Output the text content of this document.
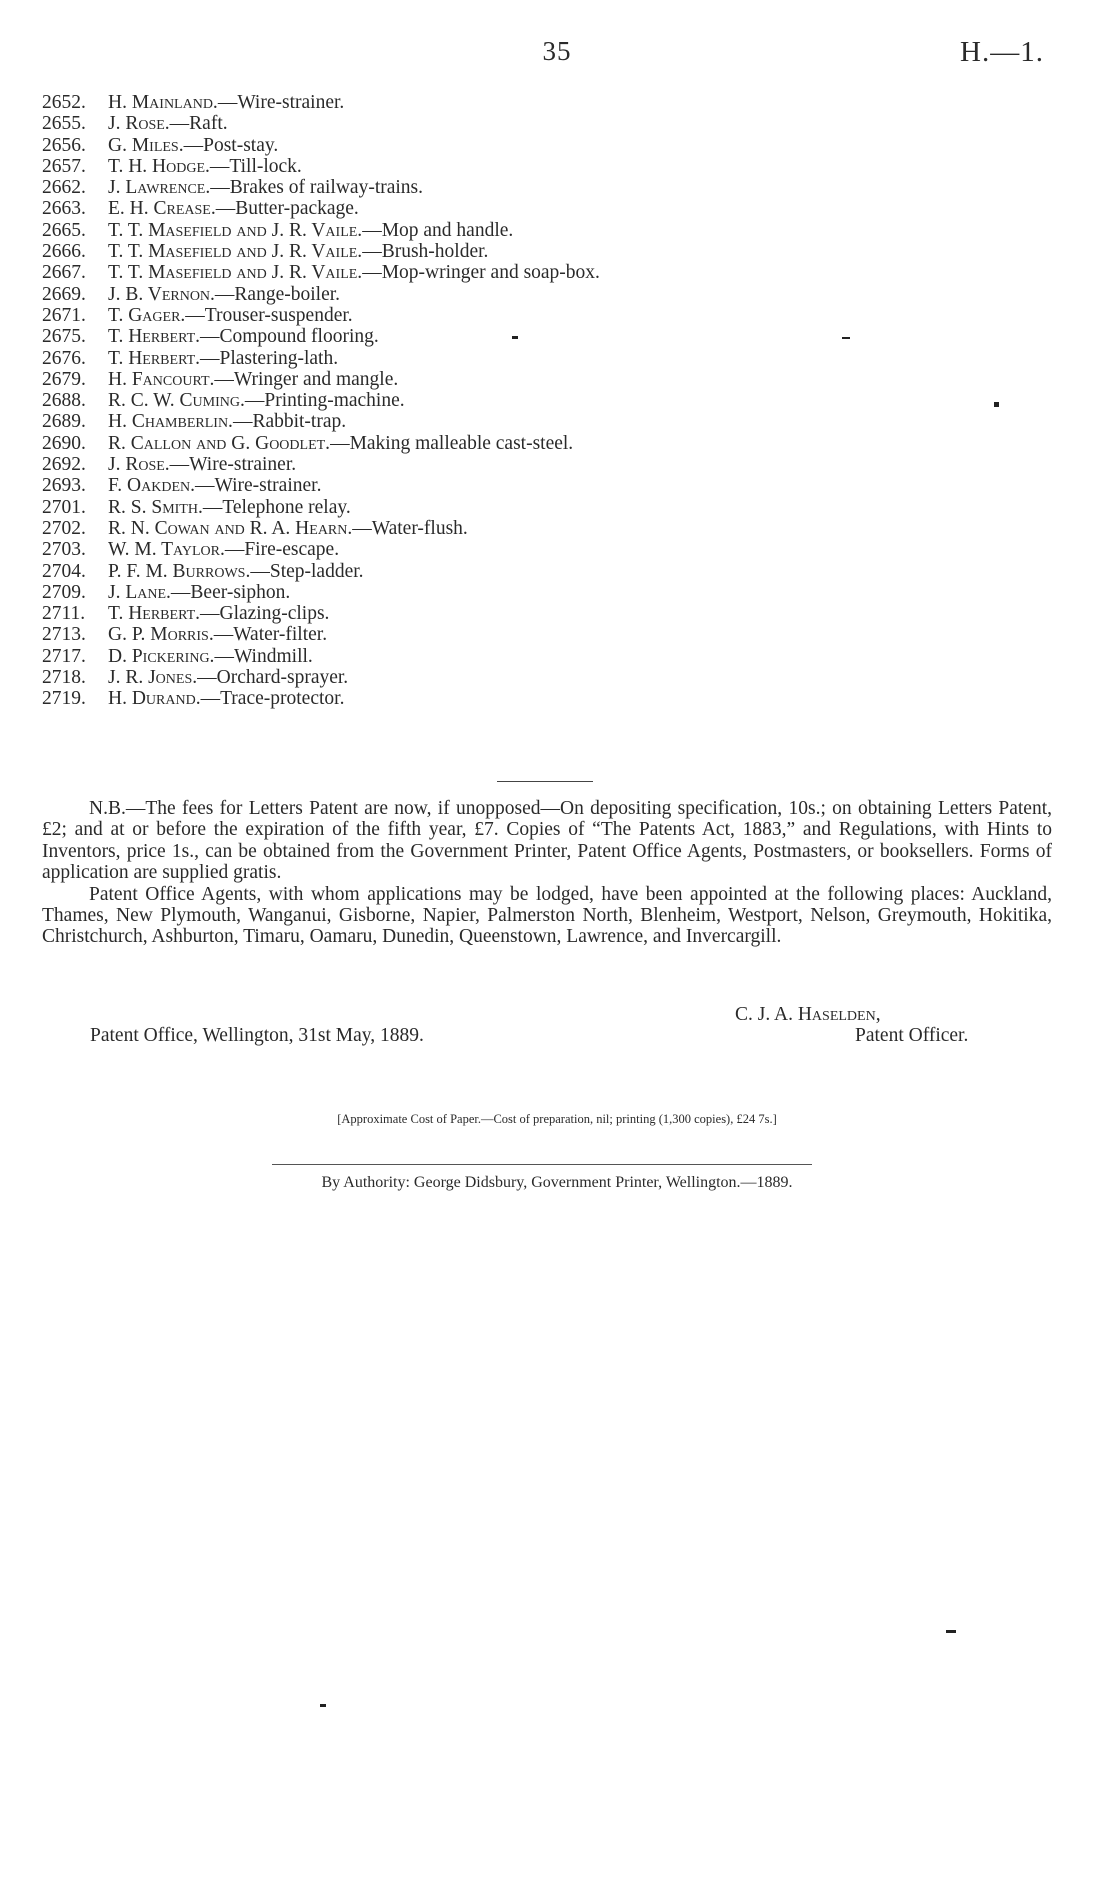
35	H.—1.
2652. H. Mainland.—Wire-strainer.
2655. J. Rose.—Raft.
2656. G. Miles.—Post-stay.
2657. T. H. Hodge.—Till-lock.
2662. J. Lawrence.—Brakes of railway-trains.
2663. E. H. Crease.—Butter-package.
2665. T. T. Masefield and J. R. Vaile.—Mop and handle.
2666. T. T. Masefield and J. R. Vaile.—Brush-holder.
2667. T. T. Masefield and J. R. Vaile.—Mop-wringer and soap-box.
2669. J. B. Vernon.—Range-boiler.
2671. T. Gager.—Trouser-suspender.
2675. T. Herbert.—Compound flooring.
2676. T. Herbert.—Plastering-lath.
2679. H. Fancourt.—Wringer and mangle.
2688. R. C. W. Cuming.—Printing-machine.
2689. H. Chamberlin.—Rabbit-trap.
2690. R. Callon and G. Goodlet.—Making malleable cast-steel.
2692. J. Rose.—Wire-strainer.
2693. F. Oakden.—Wire-strainer.
2701. R. S. Smith.—Telephone relay.
2702. R. N. Cowan and R. A. Hearn.—Water-flush.
2703. W. M. Taylor.—Fire-escape.
2704. P. F. M. Burrows.—Step-ladder.
2709. J. Lane.—Beer-siphon.
2711. T. Herbert.—Glazing-clips.
2713. G. P. Morris.—Water-filter.
2717. D. Pickering.—Windmill.
2718. J. R. Jones.—Orchard-sprayer.
2719. H. Durand.—Trace-protector.

N.B.—The fees for Letters Patent are now, if unopposed—On depositing specification, 10s.; on obtaining Letters Patent, £2; and at or before the expiration of the fifth year, £7. Copies of “The Patents Act, 1883,” and Regulations, with Hints to Inventors, price 1s., can be obtained from the Government Printer, Patent Office Agents, Postmasters, or booksellers. Forms of application are supplied gratis.

Patent Office Agents, with whom applications may be lodged, have been appointed at the following places: Auckland, Thames, New Plymouth, Wanganui, Gisborne, Napier, Palmerston North, Blenheim, Westport, Nelson, Greymouth, Hokitika, Christchurch, Ashburton, Timaru, Oamaru, Dunedin, Queenstown, Lawrence, and Invercargill.

C. J. A. Haselden,
Patent Office, Wellington, 31st May, 1889.	Patent Officer.
[Approximate Cost of Paper.—Cost of preparation, nil; printing (1,300 copies), £24 7s.]
By Authority: George Didsbury, Government Printer, Wellington.—1889.
